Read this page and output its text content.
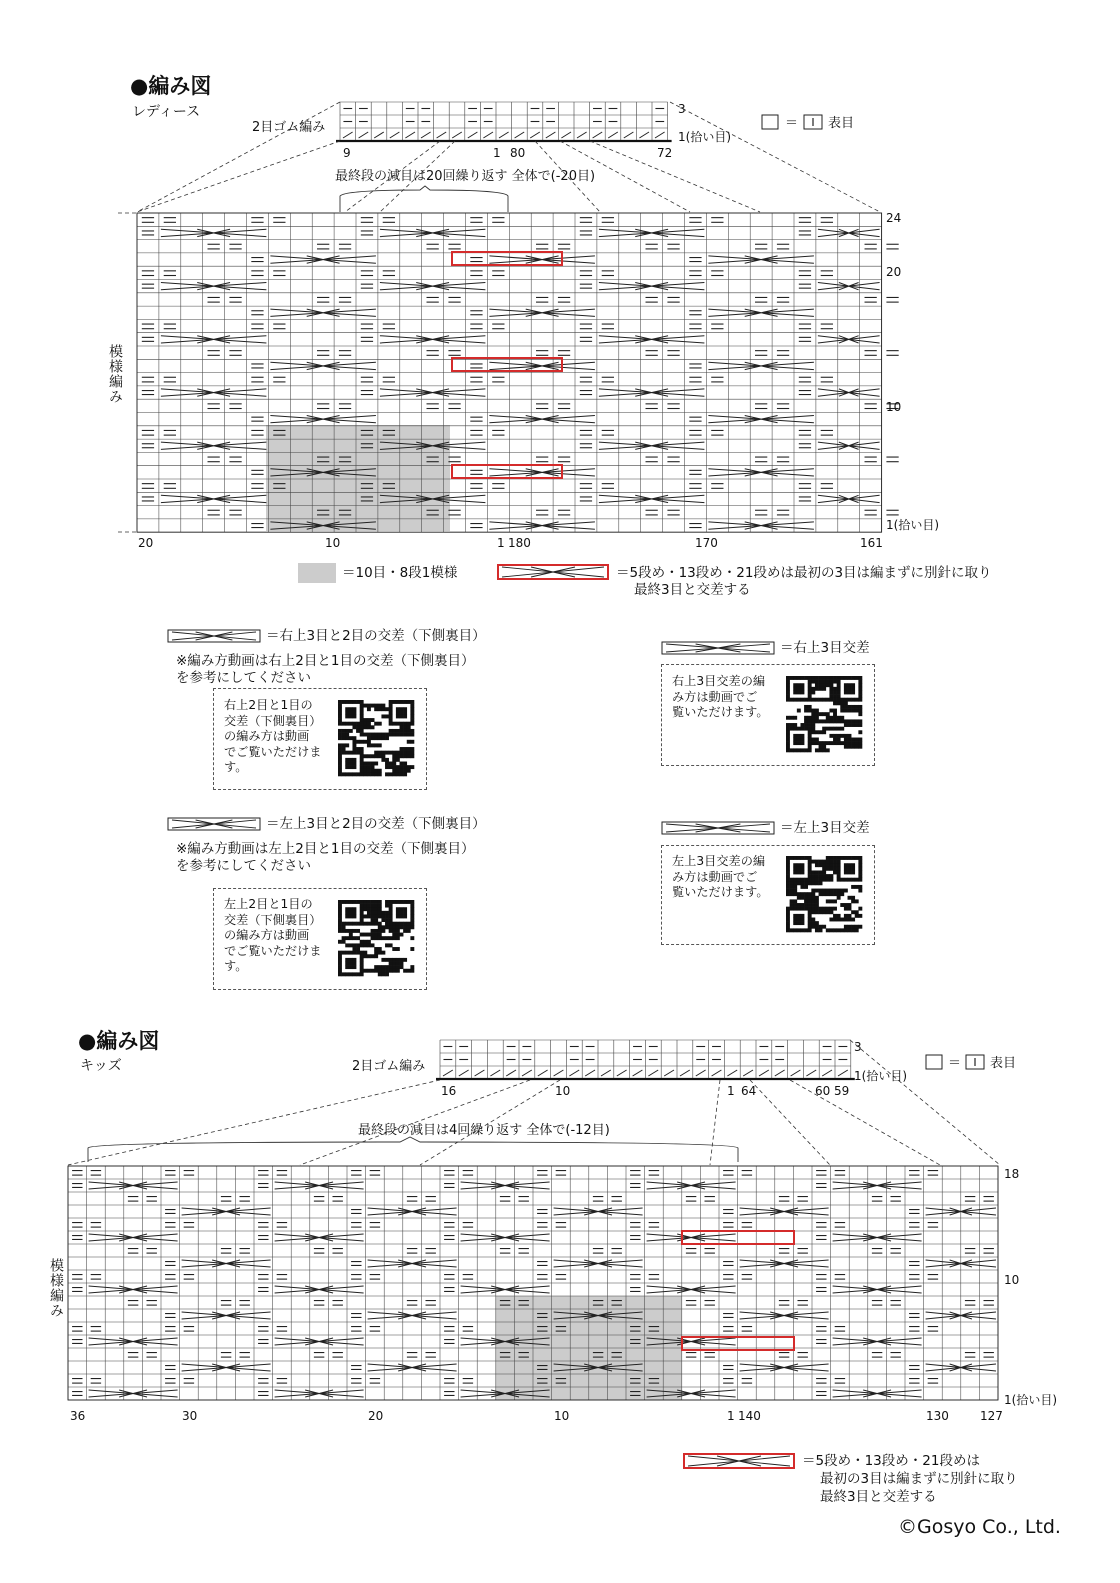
●編み図
レディース
2目ゴム編み
3
1(拾い目)
9	1 80	72
＝ 表目
最終段の減目は20回繰り返す 全体で(-20目)
模様編み
24
20
10
1(拾い目)
20	10	1 180	170	161
＝10目・8段1模様	＝5段め・13段め・21段めは最初の3目は編まずに別針に取り
最終3目と交差する
＝右上3目と2目の交差（下側裏目）
※編み方動画は右上2目と1目の交差（下側裏目）
を参考にしてください
右上2目と1目の
交差（下側裏目）
の編み方は動画
でご覧いただけま
す。
＝左上3目と2目の交差（下側裏目）
※編み方動画は左上2目と1目の交差（下側裏目）
を参考にしてください
左上2目と1目の
交差（下側裏目）
の編み方は動画
でご覧いただけま
す。
＝右上3目交差
右上3目交差の編
み方は動画でご
覧いただけます。
＝左上3目交差
左上3目交差の編
み方は動画でご
覧いただけます。
●編み図
キッズ	2目ゴム編み
3
1(拾い目)
16	10	1 64	60 59
＝ 表目
最終段の減目は4回繰り返す 全体で(-12目)
模様編み
18
10
1(拾い目)
36	30	20	10	1 140	130	127
＝5段め・13段め・21段めは
最初の3目は編まずに別針に取り
最終3目と交差する
©Gosyo Co., Ltd.
